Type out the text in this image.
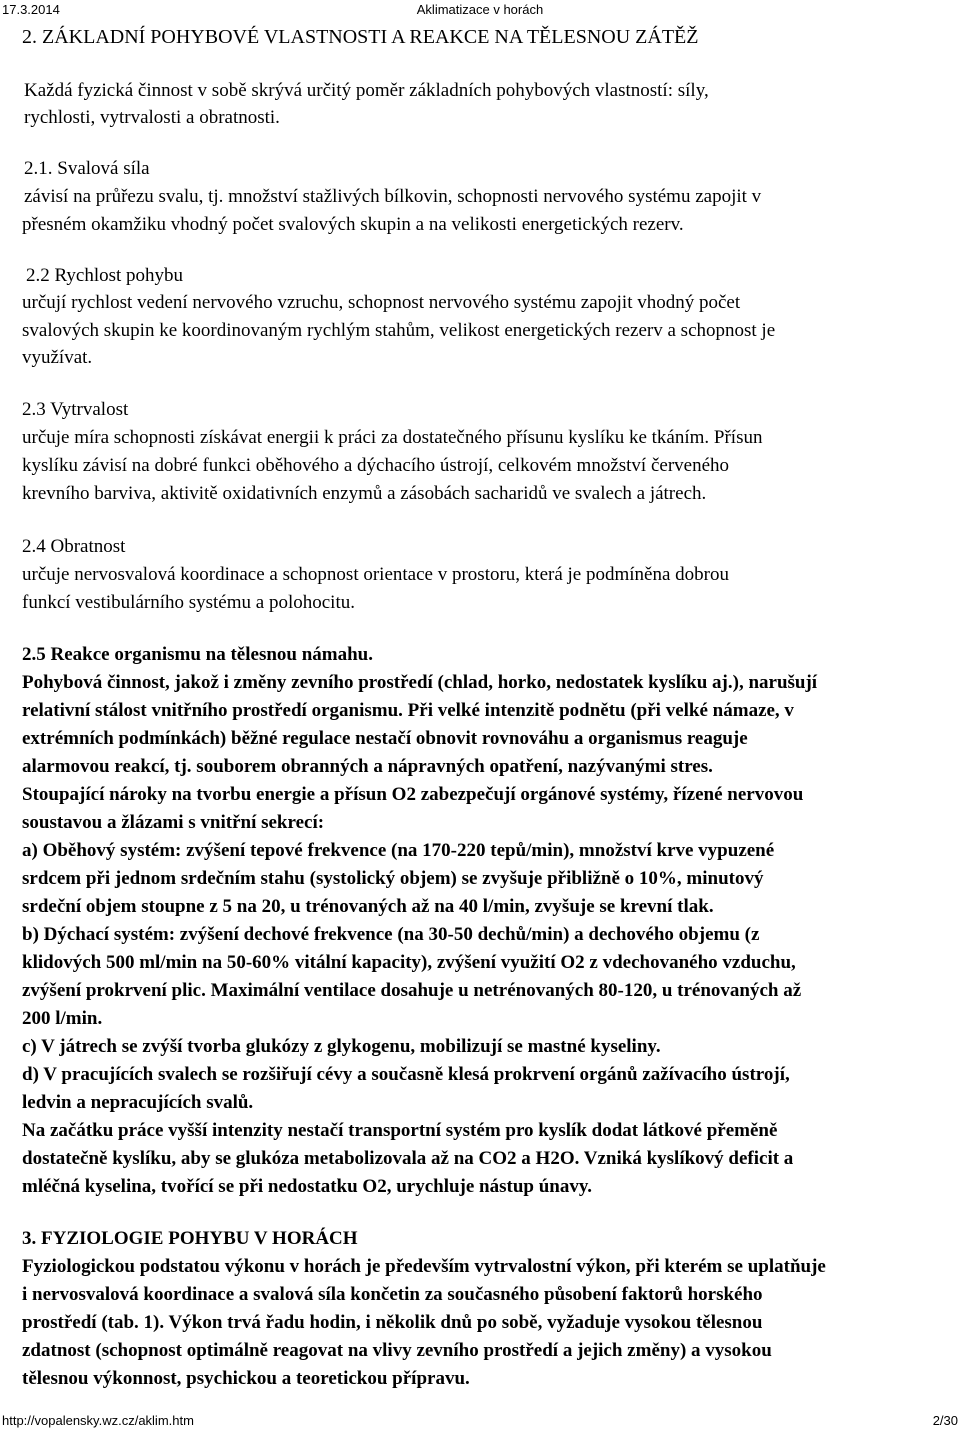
17.3.2014	Aklimatizace v horách
2. ZÁKLADNÍ POHYBOVÉ VLASTNOSTI A REAKCE NA TĚLESNOU ZÁTĚŽ
Každá fyzická činnost v sobě skrývá určitý poměr základních pohybových vlastností: síly,
rychlosti, vytrvalosti a obratnosti.
2.1. Svalová síla
závisí na průřezu svalu, tj. množství stažlivých bílkovin, schopnosti nervového systému zapojit v
přesném okamžiku vhodný počet svalových skupin a na velikosti energetických rezerv.
2.2 Rychlost pohybu
určují rychlost vedení nervového vzruchu, schopnost nervového systému zapojit vhodný počet
svalových skupin ke koordinovaným rychlým stahům, velikost energetických rezerv a schopnost je
využívat.
2.3 Vytrvalost
určuje míra schopnosti získávat energii k práci za dostatečného přísunu kyslíku ke tkáním. Přísun
kyslíku závisí na dobré funkci oběhového a dýchacího ústrojí, celkovém množství červeného
krevního barviva, aktivitě oxidativních enzymů a zásobách sacharidů ve svalech a játrech.
2.4 Obratnost
určuje nervosvalová koordinace a schopnost orientace v prostoru, která je podmíněna dobrou
funkcí vestibulárního systému a polohocitu.
2.5 Reakce organismu na tělesnou námahu.
Pohybová činnost, jakož i změny zevního prostředí (chlad, horko, nedostatek kyslíku aj.), narušují
relativní stálost vnitřního prostředí organismu. Při velké intenzitě podnětu (při velké námaze, v
extrémních podmínkách) běžné regulace nestačí obnovit rovnováhu a organismus reaguje
alarmovou reakcí, tj. souborem obranných a nápravných opatření, nazývanými stres.
Stoupající nároky na tvorbu energie a přísun O2 zabezpečují orgánové systémy, řízené nervovou
soustavou a žlázami s vnitřní sekrecí:
a) Oběhový systém: zvýšení tepové frekvence (na 170-220 tepů/min), množství krve vypuzené
srdcem při jednom srdečním stahu (systolický objem) se zvyšuje přibližně o 10%, minutový
srdeční objem stoupne z 5 na 20, u trénovaných až na 40 l/min, zvyšuje se krevní tlak.
b) Dýchací systém: zvýšení dechové frekvence (na 30-50 dechů/min) a dechového objemu (z
klidových 500 ml/min na 50-60% vitální kapacity), zvýšení využití O2 z vdechovaného vzduchu,
zvýšení prokrvení plic. Maximální ventilace dosahuje u netrénovaných 80-120, u trénovaných až
200 l/min.
c) V játrech se zvýší tvorba glukózy z glykogenu, mobilizují se mastné kyseliny.
d) V pracujících svalech se rozšiřují cévy a současně klesá prokrvení orgánů zažívacího ústrojí,
ledvin a nepracujících svalů.
Na začátku práce vyšší intenzity nestačí transportní systém pro kyslík dodat látkové přeměně
dostatečně kyslíku, aby se glukóza metabolizovala až na CO2 a H2O. Vzniká kyslíkový deficit a
mléčná kyselina, tvořící se při nedostatku O2, urychluje nástup únavy.
3. FYZIOLOGIE POHYBU V HORÁCH
Fyziologickou podstatou výkonu v horách je především vytrvalostní výkon, při kterém se uplatňuje
i nervosvalová koordinace a svalová síla končetin za současného působení faktorů horského
prostředí (tab. 1). Výkon trvá řadu hodin, i několik dnů po sobě, vyžaduje vysokou tělesnou
zdatnost (schopnost optimálně reagovat na vlivy zevního prostředí a jejich změny) a vysokou
tělesnou výkonnost, psychickou a teoretickou přípravu.
http://vopalensky.wz.cz/aklim.htm	2/30
